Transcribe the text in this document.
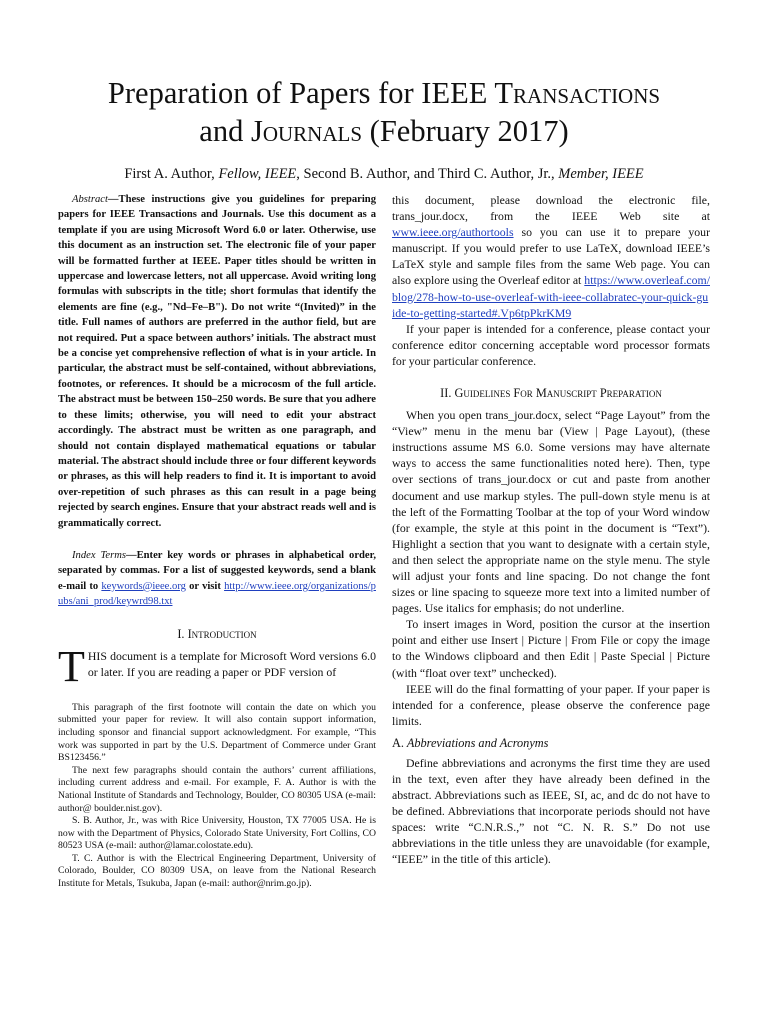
Preparation of Papers for IEEE Transactions
and Journals (February 2017)
First A. Author, Fellow, IEEE, Second B. Author, and Third C. Author, Jr., Member, IEEE

Abstract—These instructions give you guidelines for preparing papers for IEEE Transactions and Journals. Use this document as a template if you are using Microsoft Word 6.0 or later. Otherwise, use this document as an instruction set. The electronic file of your paper will be formatted further at IEEE. Paper titles should be written in uppercase and lowercase letters, not all uppercase. Avoid writing long formulas with subscripts in the title; short formulas that identify the elements are fine (e.g., "Nd–Fe–B"). Do not write “(Invited)” in the title. Full names of authors are preferred in the author field, but are not required. Put a space between authors’ initials. The abstract must be a concise yet comprehensive reflection of what is in your article. In particular, the abstract must be self-contained, without abbreviations, footnotes, or references. It should be a microcosm of the full article. The abstract must be between 150–250 words. Be sure that you adhere to these limits; otherwise, you will need to edit your abstract accordingly. The abstract must be written as one paragraph, and should not contain displayed mathematical equations or tabular material. The abstract should include three or four different keywords or phrases, as this will help readers to find it. It is important to avoid over-repetition of such phrases as this can result in a page being rejected by search engines. Ensure that your abstract reads well and is grammatically correct.

Index Terms—Enter key words or phrases in alphabetical order, separated by commas. For a list of suggested keywords, send a blank e-mail to keywords@ieee.org or visit http://www.ieee.org/organizations/pubs/ani_prod/keywrd98.txt

I. Introduction

THIS document is a template for Microsoft Word versions 6.0 or later. If you are reading a paper or PDF version of

This paragraph of the first footnote will contain the date on which you submitted your paper for review. It will also contain support information, including sponsor and financial support acknowledgment. For example, “This work was supported in part by the U.S. Department of Commerce under Grant BS123456.”

The next few paragraphs should contain the authors’ current affiliations, including current address and e-mail. For example, F. A. Author is with the National Institute of Standards and Technology, Boulder, CO 80305 USA (e-mail: author@ boulder.nist.gov).

S. B. Author, Jr., was with Rice University, Houston, TX 77005 USA. He is now with the Department of Physics, Colorado State University, Fort Collins, CO 80523 USA (e-mail: author@lamar.colostate.edu).

T. C. Author is with the Electrical Engineering Department, University of Colorado, Boulder, CO 80309 USA, on leave from the National Research Institute for Metals, Tsukuba, Japan (e-mail: author@nrim.go.jp).

this document, please download the electronic file, trans_jour.docx, from the IEEE Web site at www.ieee.org/authortools so you can use it to prepare your manuscript. If you would prefer to use LaTeX, download IEEE’s LaTeX style and sample files from the same Web page. You can also explore using the Overleaf editor at https://www.overleaf.com/blog/278-how-to-use-overleaf-with-ieee-collabratec-your-quick-guide-to-getting-started#.Vp6tpPkrKM9

If your paper is intended for a conference, please contact your conference editor concerning acceptable word processor formats for your particular conference.

II. Guidelines For Manuscript Preparation

When you open trans_jour.docx, select “Page Layout” from the “View” menu in the menu bar (View | Page Layout), (these instructions assume MS 6.0. Some versions may have alternate ways to access the same functionalities noted here). Then, type over sections of trans_jour.docx or cut and paste from another document and use markup styles. The pull-down style menu is at the left of the Formatting Toolbar at the top of your Word window (for example, the style at this point in the document is “Text”). Highlight a section that you want to designate with a certain style, and then select the appropriate name on the style menu. The style will adjust your fonts and line spacing. Do not change the font sizes or line spacing to squeeze more text into a limited number of pages. Use italics for emphasis; do not underline.

To insert images in Word, position the cursor at the insertion point and either use Insert | Picture | From File or copy the image to the Windows clipboard and then Edit | Paste Special | Picture (with “float over text” unchecked).

IEEE will do the final formatting of your paper. If your paper is intended for a conference, please observe the conference page limits.

A. Abbreviations and Acronyms

Define abbreviations and acronyms the first time they are used in the text, even after they have already been defined in the abstract. Abbreviations such as IEEE, SI, ac, and dc do not have to be defined. Abbreviations that incorporate periods should not have spaces: write “C.N.R.S.,” not “C. N. R. S.” Do not use abbreviations in the title unless they are unavoidable (for example, “IEEE” in the title of this article).
